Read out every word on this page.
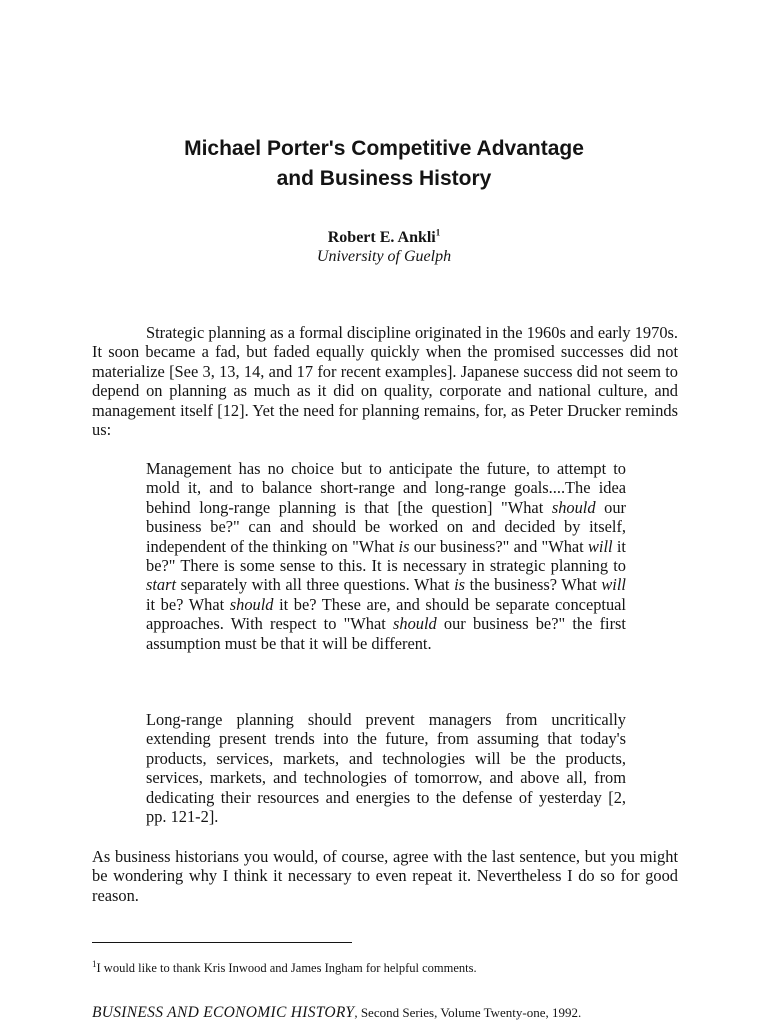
Michael Porter's Competitive Advantage
and Business History
Robert E. Ankli$^1$
University of Guelph

Strategic planning as a formal discipline originated in the 1960s and early 1970s. It soon became a fad, but faded equally quickly when the promised successes did not materialize [See 3, 13, 14, and 17 for recent examples]. Japanese success did not seem to depend on planning as much as it did on quality, corporate and national culture, and management itself [12]. Yet the need for planning remains, for, as Peter Drucker reminds us:

Management has no choice but to anticipate the future, to attempt to mold it, and to balance short-range and long-range goals....The idea behind long-range planning is that [the question] "What should our business be?" can and should be worked on and decided by itself, independent of the thinking on "What is our business?" and "What will it be?" There is some sense to this. It is necessary in strategic planning to start separately with all three questions. What is the business? What will it be? What should it be? These are, and should be separate conceptual approaches. With respect to "What should our business be?" the first assumption must be that it will be different.

Long-range planning should prevent managers from uncritically extending present trends into the future, from assuming that today's products, services, markets, and technologies will be the products, services, markets, and technologies of tomorrow, and above all, from dedicating their resources and energies to the defense of yesterday [2, pp. 121-2].

As business historians you would, of course, agree with the last sentence, but you might be wondering why I think it necessary to even repeat it. Nevertheless I do so for good reason.

$^1$I would like to thank Kris Inwood and James Ingham for helpful comments.

BUSINESS AND ECONOMIC HISTORY, Second Series, Volume Twenty-one, 1992.
